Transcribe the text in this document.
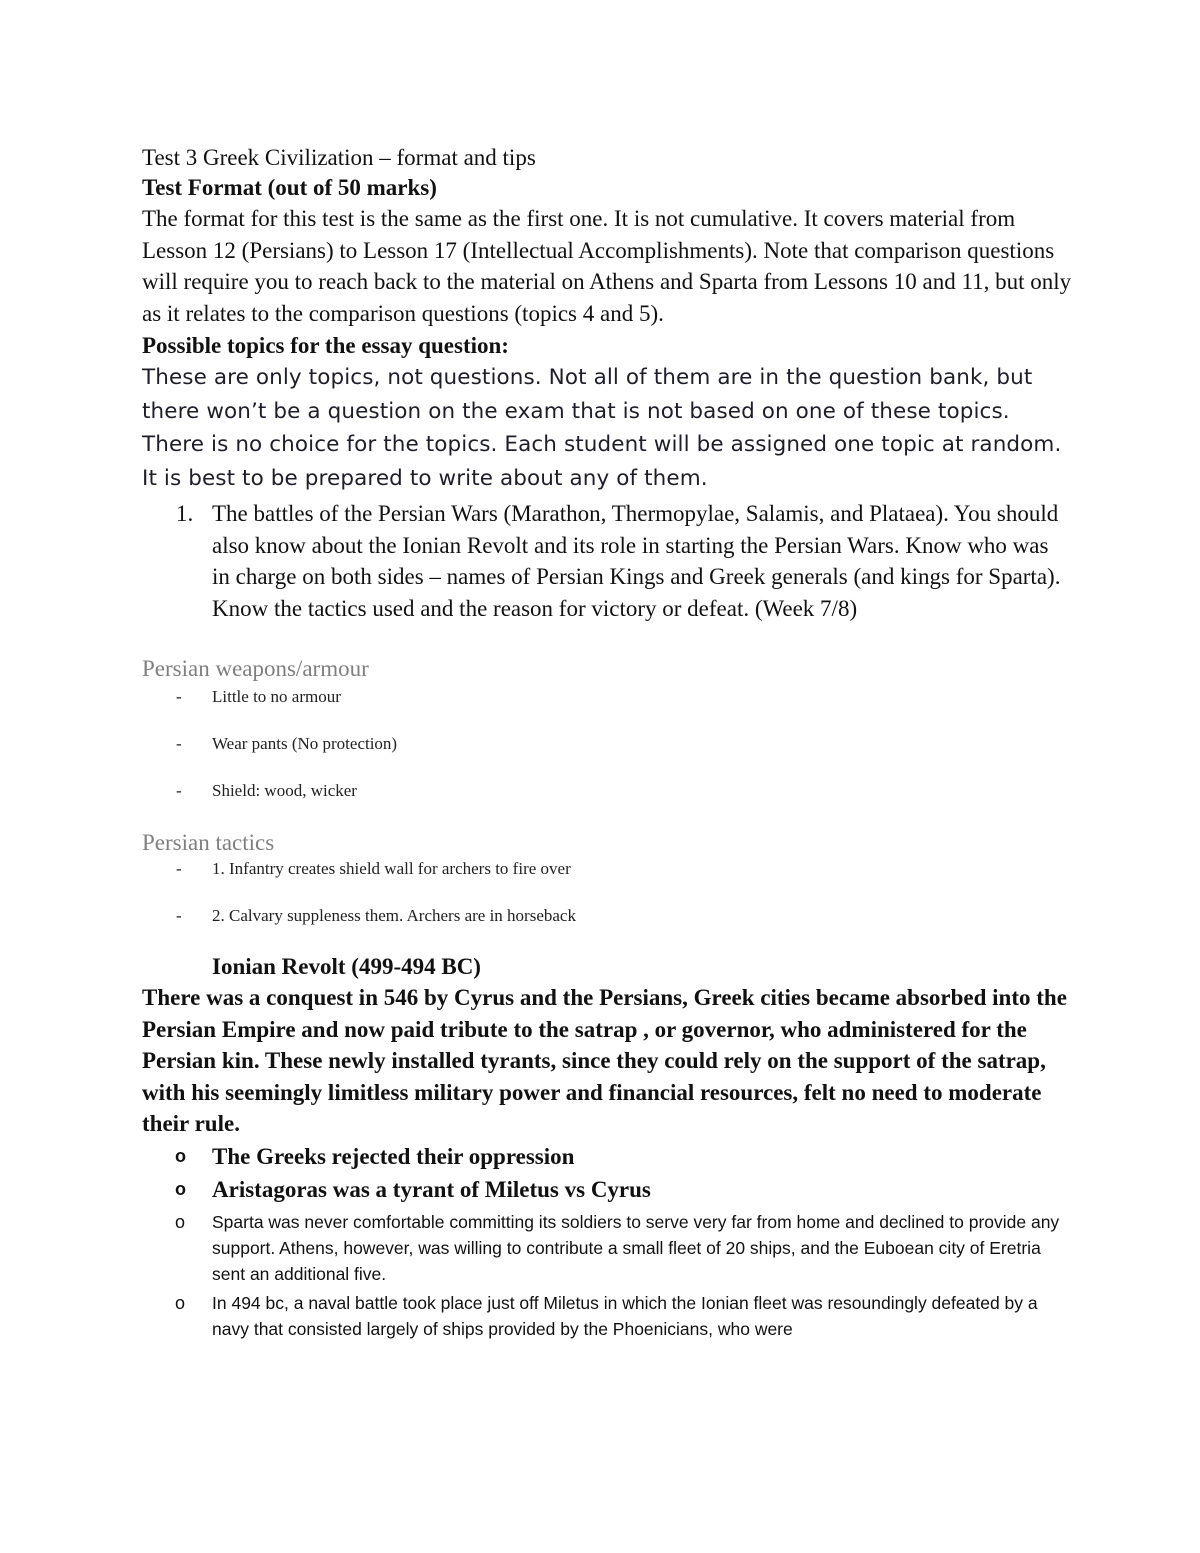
Test 3 Greek Civilization – format and tips

Test Format (out of 50 marks)

The format for this test is the same as the first one. It is not cumulative. It covers material from Lesson 12 (Persians) to Lesson 17 (Intellectual Accomplishments). Note that comparison questions will require you to reach back to the material on Athens and Sparta from Lessons 10 and 11, but only as it relates to the comparison questions (topics 4 and 5).

Possible topics for the essay question:

These are only topics, not questions. Not all of them are in the question bank, but there won’t be a question on the exam that is not based on one of these topics. There is no choice for the topics. Each student will be assigned one topic at random. It is best to be prepared to write about any of them.

1. The battles of the Persian Wars (Marathon, Thermopylae, Salamis, and Plataea). You should also know about the Ionian Revolt and its role in starting the Persian Wars. Know who was in charge on both sides – names of Persian Kings and Greek generals (and kings for Sparta). Know the tactics used and the reason for victory or defeat. (Week 7/8)

Persian weapons/armour

-	Little to no armour
-	Wear pants (No protection)
-	Shield: wood, wicker

Persian tactics

-	1. Infantry creates shield wall for archers to fire over
-	2. Calvary suppleness them. Archers are in horseback

Ionian Revolt (499-494 BC)

There was a conquest in 546 by Cyrus and the Persians, Greek cities became absorbed into the Persian Empire and now paid tribute to the satrap , or governor, who administered for the Persian kin. These newly installed tyrants, since they could rely on the support of the satrap, with his seemingly limitless military power and financial resources, felt no need to moderate their rule.

o	The Greeks rejected their oppression
o	Aristagoras was a tyrant of Miletus vs Cyrus
o	Sparta was never comfortable committing its soldiers to serve very far from home and declined to provide any support. Athens, however, was willing to contribute a small fleet of 20 ships, and the Euboean city of Eretria sent an additional five.
o	In 494 bc, a naval battle took place just off Miletus in which the Ionian fleet was resoundingly defeated by a navy that consisted largely of ships provided by the Phoenicians, who were
